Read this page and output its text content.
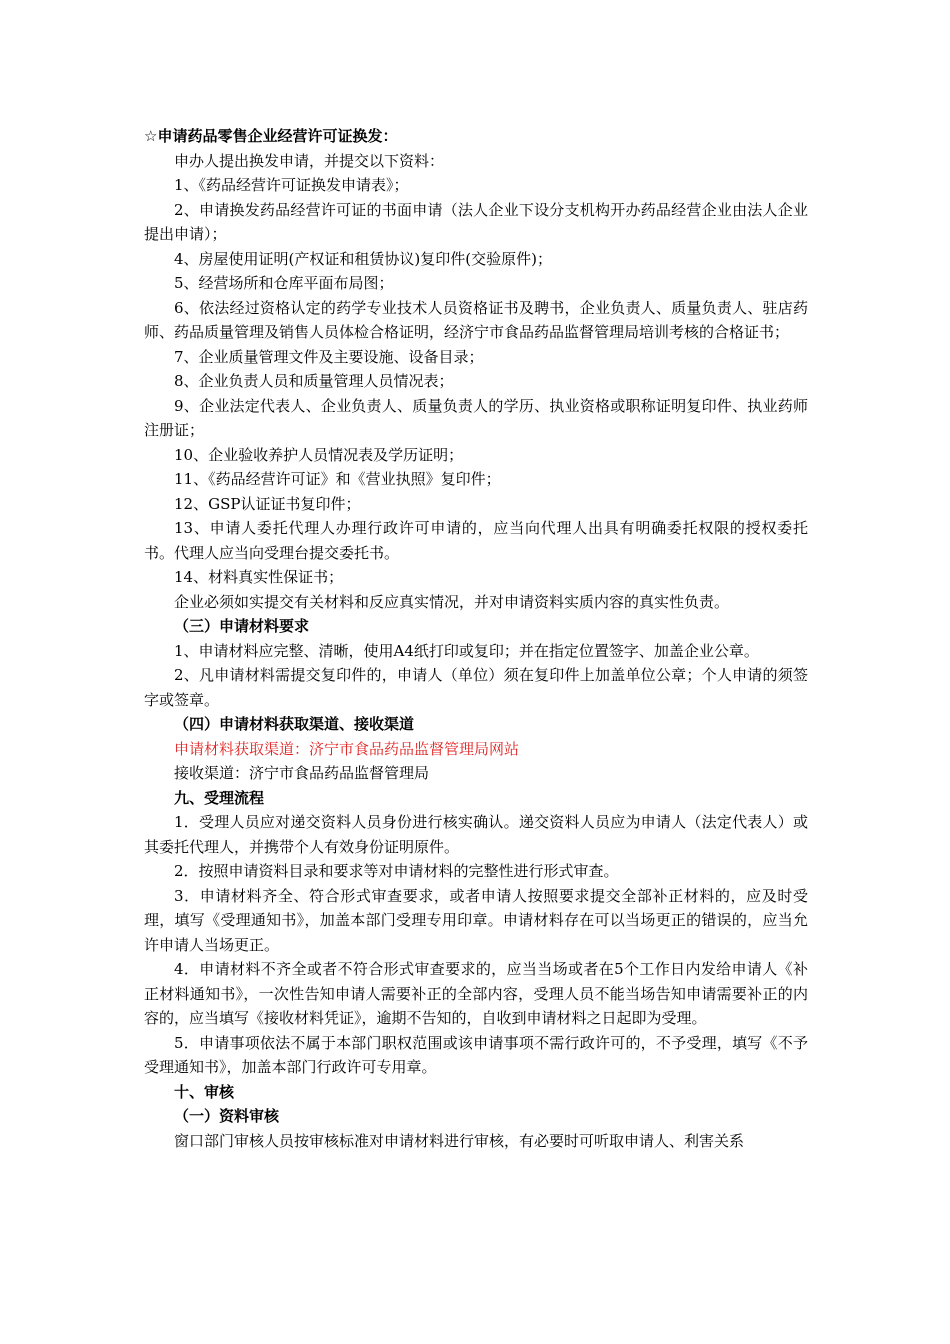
☆申请药品零售企业经营许可证换发：

申办人提出换发申请，并提交以下资料：

1、《药品经营许可证换发申请表》；

2、申请换发药品经营许可证的书面申请（法人企业下设分支机构开办药品经营企业由法人企业提出申请）；

4、房屋使用证明(产权证和租赁协议)复印件(交验原件)；

5、经营场所和仓库平面布局图；

6、依法经过资格认定的药学专业技术人员资格证书及聘书，企业负责人、质量负责人、驻店药师、药品质量管理及销售人员体检合格证明，经济宁市食品药品监督管理局培训考核的合格证书；

7、企业质量管理文件及主要设施、设备目录；

8、企业负责人员和质量管理人员情况表；

9、企业法定代表人、企业负责人、质量负责人的学历、执业资格或职称证明复印件、执业药师注册证；

10、企业验收养护人员情况表及学历证明；

11、《药品经营许可证》和《营业执照》复印件；

12、GSP认证证书复印件；

13、申请人委托代理人办理行政许可申请的，应当向代理人出具有明确委托权限的授权委托书。代理人应当向受理台提交委托书。

14、材料真实性保证书；

企业必须如实提交有关材料和反应真实情况，并对申请资料实质内容的真实性负责。

（三）申请材料要求

1、申请材料应完整、清晰，使用A4纸打印或复印；并在指定位置签字、加盖企业公章。

2、凡申请材料需提交复印件的，申请人（单位）须在复印件上加盖单位公章；个人申请的须签字或签章。

（四）申请材料获取渠道、接收渠道

申请材料获取渠道：济宁市食品药品监督管理局网站

接收渠道：济宁市食品药品监督管理局

九、受理流程

1．受理人员应对递交资料人员身份进行核实确认。递交资料人员应为申请人（法定代表人）或其委托代理人，并携带个人有效身份证明原件。

2．按照申请资料目录和要求等对申请材料的完整性进行形式审查。

3．申请材料齐全、符合形式审查要求，或者申请人按照要求提交全部补正材料的，应及时受理，填写《受理通知书》，加盖本部门受理专用印章。申请材料存在可以当场更正的错误的，应当允许申请人当场更正。

4．申请材料不齐全或者不符合形式审查要求的，应当当场或者在5个工作日内发给申请人《补正材料通知书》，一次性告知申请人需要补正的全部内容，受理人员不能当场告知申请需要补正的内容的，应当填写《接收材料凭证》，逾期不告知的，自收到申请材料之日起即为受理。

5．申请事项依法不属于本部门职权范围或该申请事项不需行政许可的，不予受理，填写《不予受理通知书》，加盖本部门行政许可专用章。

十、审核

（一）资料审核

窗口部门审核人员按审核标准对申请材料进行审核，有必要时可听取申请人、利害关系
